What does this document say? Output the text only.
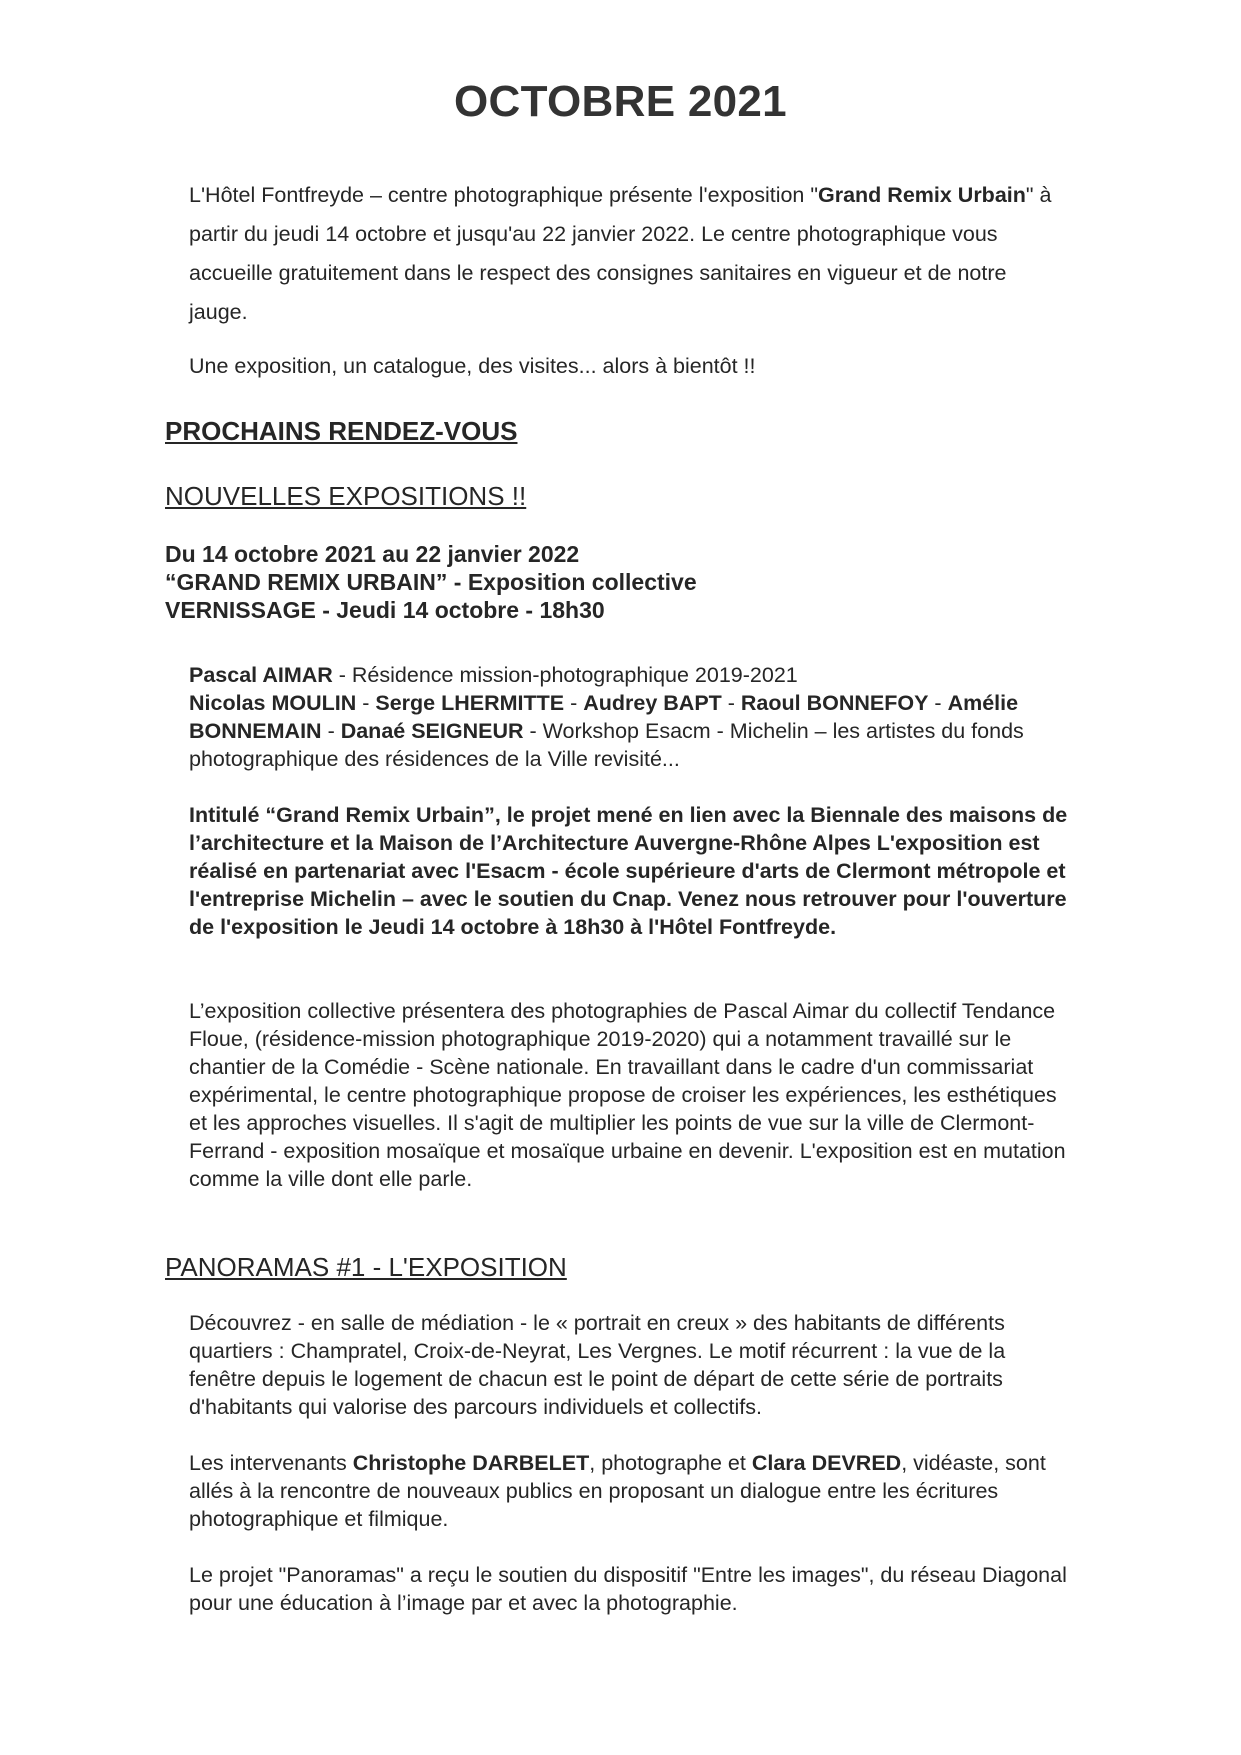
OCTOBRE 2021

L'Hôtel Fontfreyde – centre photographique présente l'exposition "Grand Remix Urbain" à partir du jeudi 14 octobre et jusqu'au 22 janvier 2022. Le centre photographique vous accueille gratuitement dans le respect des consignes sanitaires en vigueur et de notre jauge.

Une exposition, un catalogue, des visites... alors à bientôt !!

PROCHAINS RENDEZ-VOUS
NOUVELLES EXPOSITIONS !!
Du 14 octobre 2021 au 22 janvier 2022
“GRAND REMIX URBAIN” - Exposition collective
VERNISSAGE - Jeudi 14 octobre - 18h30

Pascal AIMAR - Résidence mission-photographique 2019-2021
Nicolas MOULIN - Serge LHERMITTE - Audrey BAPT - Raoul BONNEFOY - Amélie BONNEMAIN - Danaé SEIGNEUR - Workshop Esacm - Michelin – les artistes du fonds photographique des résidences de la Ville revisité...

Intitulé “Grand Remix Urbain”, le projet mené en lien avec la Biennale des maisons de l’architecture et la Maison de l’Architecture Auvergne-Rhône Alpes L'exposition est réalisé en partenariat avec l'Esacm - école supérieure d'arts de Clermont métropole et l'entreprise Michelin – avec le soutien du Cnap. Venez nous retrouver pour l'ouverture de l'exposition le Jeudi 14 octobre à 18h30 à l'Hôtel Fontfreyde.

L’exposition collective présentera des photographies de Pascal Aimar du collectif Tendance Floue, (résidence-mission photographique 2019-2020) qui a notamment travaillé sur le chantier de la Comédie - Scène nationale. En travaillant dans le cadre d'un commissariat expérimental, le centre photographique propose de croiser les expériences, les esthétiques et les approches visuelles. Il s'agit de multiplier les points de vue sur la ville de Clermont-Ferrand - exposition mosaïque et mosaïque urbaine en devenir. L'exposition est en mutation comme la ville dont elle parle.

PANORAMAS #1 - L'EXPOSITION

Découvrez - en salle de médiation - le « portrait en creux » des habitants de différents quartiers : Champratel, Croix-de-Neyrat, Les Vergnes. Le motif récurrent : la vue de la fenêtre depuis le logement de chacun est le point de départ de cette série de portraits d'habitants qui valorise des parcours individuels et collectifs.

Les intervenants Christophe DARBELET, photographe et Clara DEVRED, vidéaste, sont allés à la rencontre de nouveaux publics en proposant un dialogue entre les écritures photographique et filmique.

Le projet "Panoramas" a reçu le soutien du dispositif "Entre les images", du réseau Diagonal pour une éducation à l’image par et avec la photographie.
